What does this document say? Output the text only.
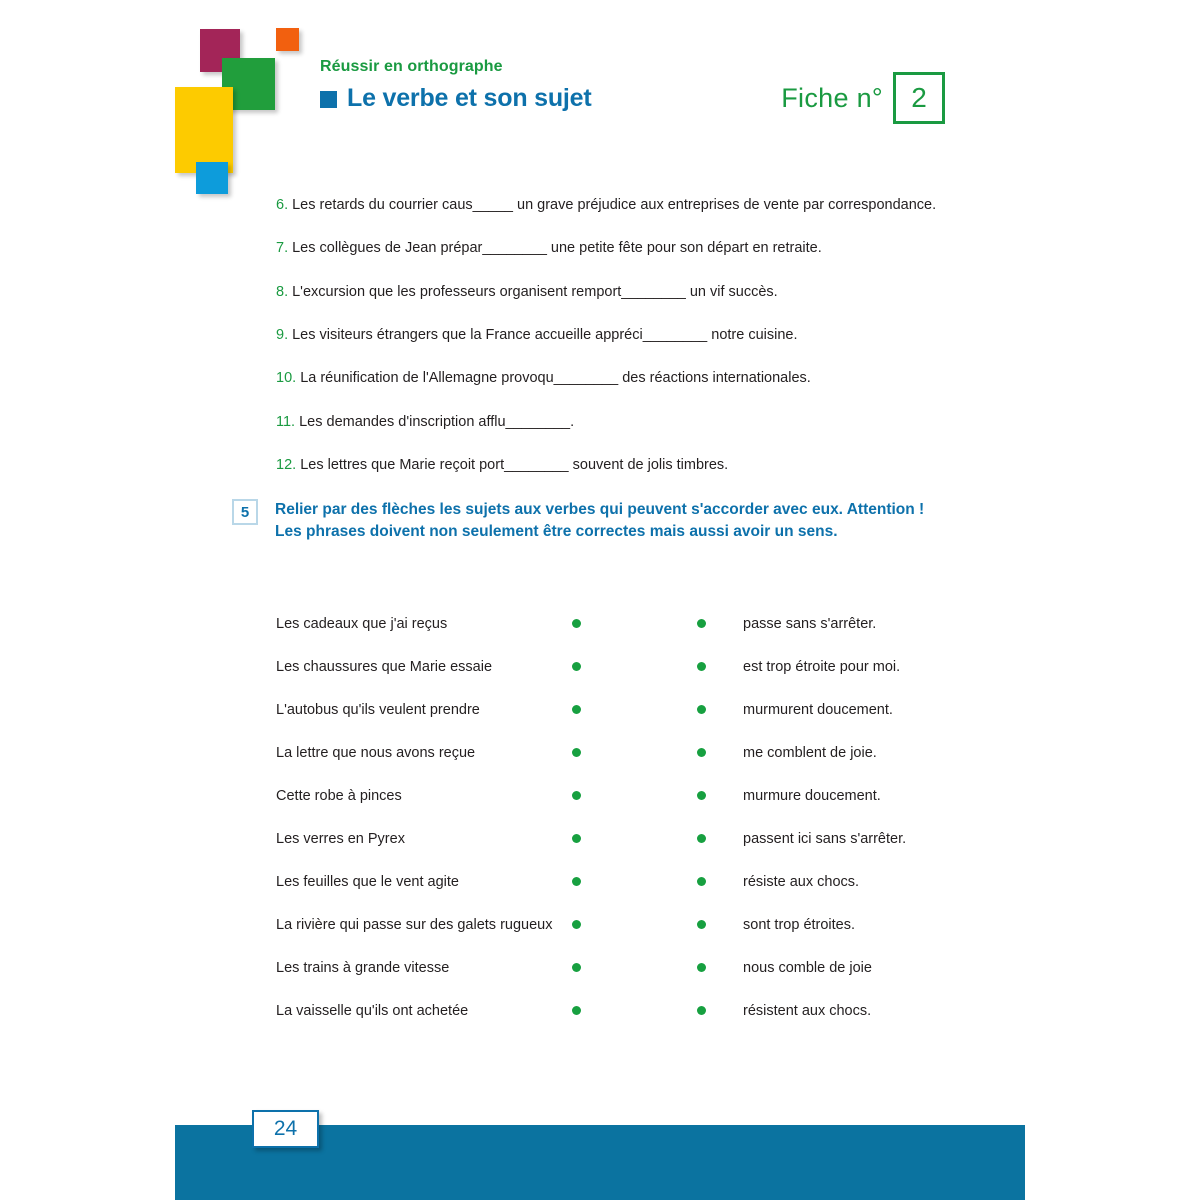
Réussir en orthographe
Le verbe et son sujet	Fiche n°	2
6. Les retards du courrier caus_____ un grave préjudice aux entreprises de vente par correspondance.
7. Les collègues de Jean prépar________ une petite fête pour son départ en retraite.
8. L'excursion que les professeurs organisent remport________ un vif succès.
9. Les visiteurs étrangers que la France accueille appréci________ notre cuisine.
10. La réunification de l'Allemagne provoqu________ des réactions internationales.
11. Les demandes d'inscription afflu________.
12. Les lettres que Marie reçoit port________ souvent de jolis timbres.
5	Relier par des flèches les sujets aux verbes qui peuvent s'accorder avec eux. Attention ! Les phrases doivent non seulement être correctes mais aussi avoir un sens.
Les cadeaux que j'ai reçus	passe sans s'arrêter.
Les chaussures que Marie essaie	est trop étroite pour moi.
L'autobus qu'ils veulent prendre	murmurent doucement.
La lettre que nous avons reçue	me comblent de joie.
Cette robe à pinces	murmure doucement.
Les verres en Pyrex	passent ici sans s'arrêter.
Les feuilles que le vent agite	résiste aux chocs.
La rivière qui passe sur des galets rugueux	sont trop étroites.
Les trains à grande vitesse	nous comble de joie
La vaisselle qu'ils ont achetée	résistent aux chocs.
24
